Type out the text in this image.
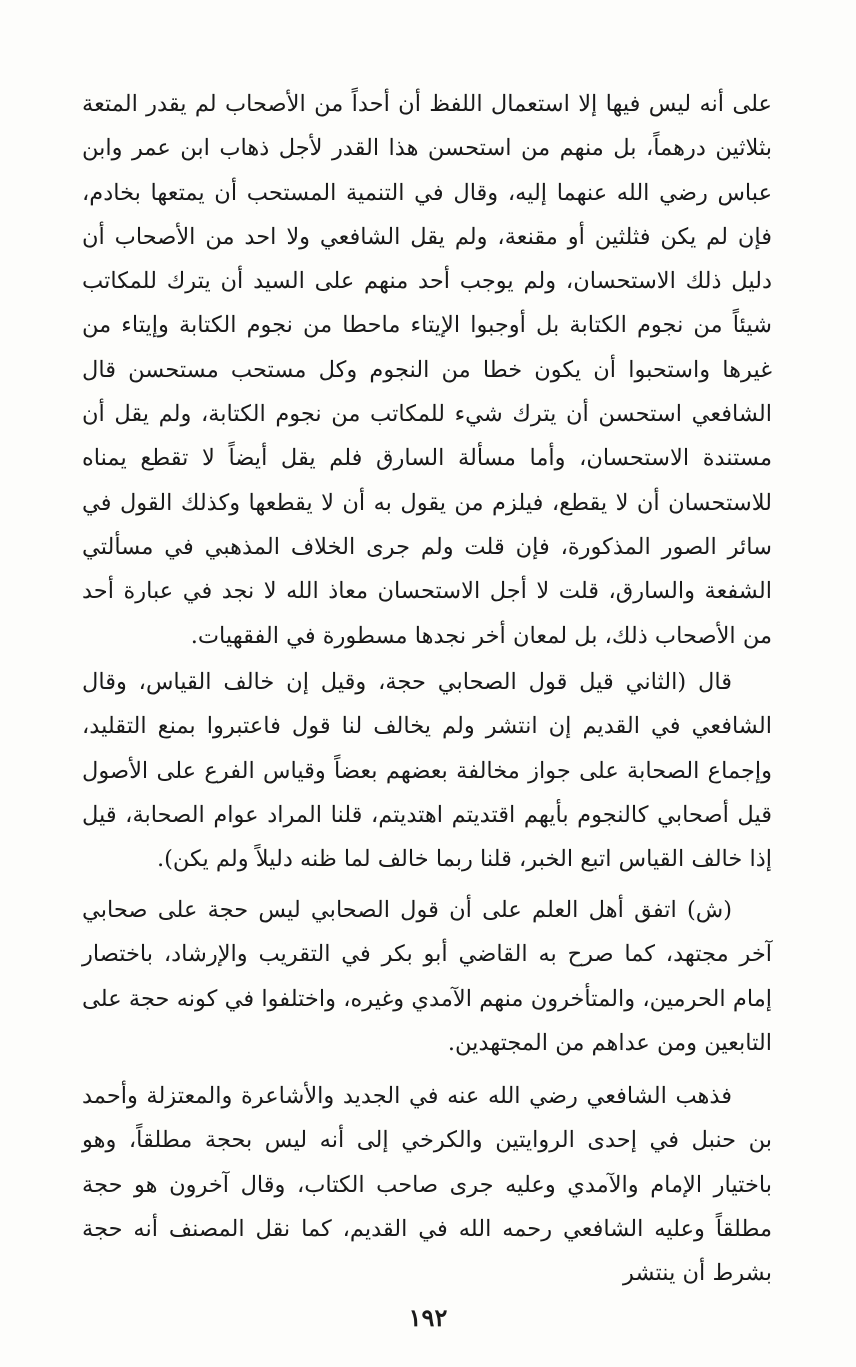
على أنه ليس فيها إلا استعمال اللفظ أن أحداً من الأصحاب لم يقدر المتعة بثلاثين درهماً، بل منهم من استحسن هذا القدر لأجل ذهاب ابن عمر وابن عباس رضي الله عنهما إليه، وقال في التنمية المستحب أن يمتعها بخادم، فإن لم يكن فثلثين أو مقنعة، ولم يقل الشافعي ولا احد من الأصحاب أن دليل ذلك الاستحسان، ولم يوجب أحد منهم على السيد أن يترك للمكاتب شيئاً من نجوم الكتابة بل أوجبوا الإيتاء ماحطا من نجوم الكتابة وإيتاء من غيرها واستحبوا أن يكون خطا من النجوم وكل مستحب مستحسن قال الشافعي استحسن أن يترك شيء للمكاتب من نجوم الكتابة، ولم يقل أن مستندة الاستحسان، وأما مسألة السارق فلم يقل أيضاً لا تقطع يمناه للاستحسان أن لا يقطع، فيلزم من يقول به أن لا يقطعها وكذلك القول في سائر الصور المذكورة، فإن قلت ولم جرى الخلاف المذهبي في مسألتي الشفعة والسارق، قلت لا أجل الاستحسان معاذ الله لا نجد في عبارة أحد من الأصحاب ذلك، بل لمعان أخر نجدها مسطورة في الفقهيات.

قال (الثاني قيل قول الصحابي حجة، وقيل إن خالف القياس، وقال الشافعي في القديم إن انتشر ولم يخالف لنا قول فاعتبروا بمنع التقليد، وإجماع الصحابة على جواز مخالفة بعضهم بعضاً وقياس الفرع على الأصول قيل أصحابي كالنجوم بأيهم اقتديتم اهتديتم، قلنا المراد عوام الصحابة، قيل إذا خالف القياس اتبع الخبر، قلنا ربما خالف لما ظنه دليلاً ولم يكن).

(ش) اتفق أهل العلم على أن قول الصحابي ليس حجة على صحابي آخر مجتهد، كما صرح به القاضي أبو بكر في التقريب والإرشاد، باختصار إمام الحرمين، والمتأخرون منهم الآمدي وغيره، واختلفوا في كونه حجة على التابعين ومن عداهم من المجتهدين.

فذهب الشافعي رضي الله عنه في الجديد والأشاعرة والمعتزلة وأحمد بن حنبل في إحدى الروايتين والكرخي إلى أنه ليس بحجة مطلقاً، وهو باختيار الإمام والآمدي وعليه جرى صاحب الكتاب، وقال آخرون هو حجة مطلقاً وعليه الشافعي رحمه الله في القديم، كما نقل المصنف أنه حجة بشرط أن ينتشر

١٩٢
